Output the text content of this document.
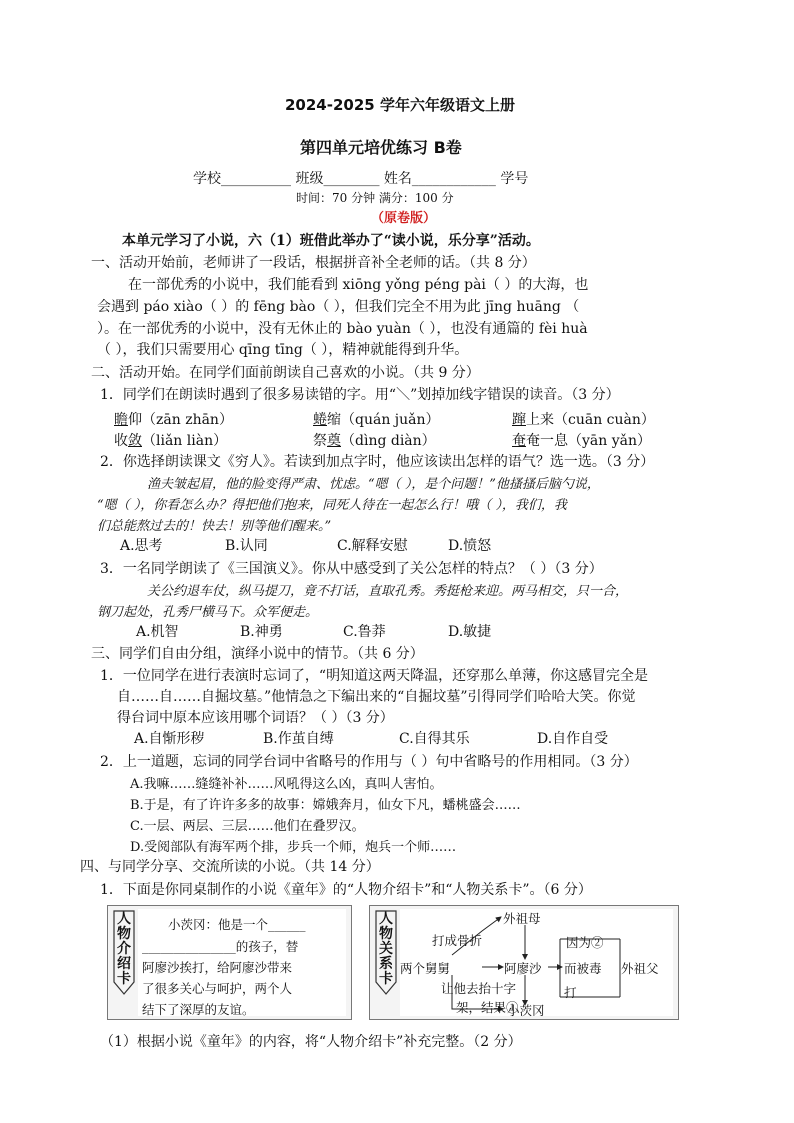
2024-2025 学年六年级语文上册
第四单元培优练习 B卷
学校__________ 班级________ 姓名____________ 学号
时间：70 分钟 满分：100 分
（原卷版）
本单元学习了小说，六（1）班借此举办了“读小说，乐分享”活动。
一、活动开始前，老师讲了一段话，根据拼音补全老师的话。（共 8 分）
在一部优秀的小说中，我们能看到 xiōng yǒng péng pài（ ）的大海，也
会遇到 páo xiào（ ）的 fēng bào（ ），但我们完全不用为此 jīng huāng （
）。在一部优秀的小说中，没有无休止的 bào yuàn（ ），也没有通篇的 fèi huà
（ ），我们只需要用心 qīng tīng（ ），精神就能得到升华。
二、活动开始。在同学们面前朗读自己喜欢的小说。（共 9 分）
1．同学们在朗读时遇到了很多易读错的字。用“＼”划掉加线字错误的读音。（3 分）
瞻仰（zān zhān）	蜷缩（quán juǎn）	蹿上来（cuān cuàn）
收敛（liǎn liàn）	祭奠（dìng diàn）	奄奄一息（yān yǎn）
2．你选择朗读课文《穷人》。若读到加点字时，他应该读出怎样的语气？选一选。（3 分）
渔夫皱起眉，他的脸变得严肃、忧虑。“嗯（ ），是个问题！”他搔搔后脑勺说，
“嗯（ ），你看怎么办？得把他们抱来，同死人待在一起怎么行！哦（ ），我们，我
们总能熬过去的！快去！别等他们醒来。”
A.思考	B.认同	C.解释安慰	D.愤怒
3．一名同学朗读了《三国演义》。你从中感受到了关公怎样的特点？（ ）（3 分）
关公约退车仗，纵马提刀，竟不打话，直取孔秀。秀挺枪来迎。两马相交，只一合，
钢刀起处，孔秀尸横马下。众军便走。
A.机智	B.神勇	C.鲁莽	D.敏捷
三、同学们自由分组，演绎小说中的情节。（共 6 分）
1．一位同学在进行表演时忘词了，“明知道这两天降温，还穿那么单薄，你这感冒完全是
自……自……自掘坟墓。”他情急之下编出来的“自掘坟墓”引得同学们哈哈大笑。你觉
得台词中原本应该用哪个词语？（ ）（3 分）
A.自惭形秽	B.作茧自缚	C.自得其乐	D.自作自受
2．上一道题，忘词的同学台词中省略号的作用与（ ）句中省略号的作用相同。（3 分）
A.我嘛……缝缝补补……风吼得这么凶，真叫人害怕。
B.于是，有了许许多多的故事：嫦娥奔月，仙女下凡，蟠桃盛会……
C.一层、两层、三层……他们在叠罗汉。
D.受阅部队有海军两个排，步兵一个师，炮兵一个师……
四、与同学分享、交流所读的小说。（共 14 分）
1．下面是你同桌制作的小说《童年》的“人物介绍卡”和“人物关系卡”。（6 分）
人
物
介
绍
卡
小茨冈：他是一个______
_______________的孩子，替
阿廖沙挨打，给阿廖沙带来
了很多关心与呵护，两个人
结下了深厚的友谊。
人
物
关
系
卡
外祖母
打成骨折
两个舅舅	阿廖沙
让他去抬十字
架，结果①
小茨冈
因为②
而被毒
打
外祖父
（1）根据小说《童年》的内容，将“人物介绍卡”补充完整。（2 分）
